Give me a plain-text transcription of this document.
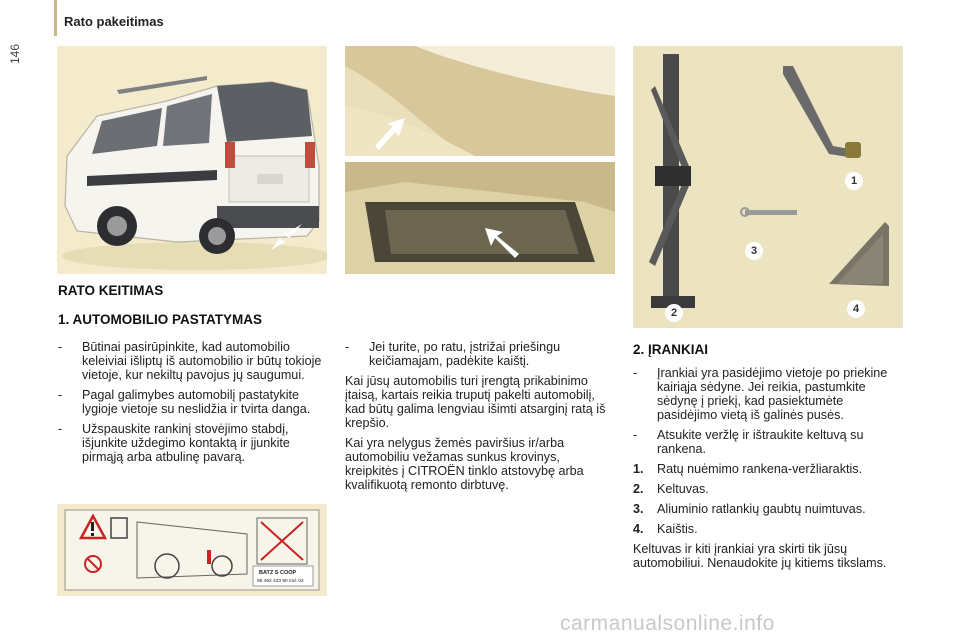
146
Rato pakeitimas
1
2
3
4
RATO KEITIMAS
1. AUTOMOBILIO PASTATYMAS
- Būtinai pasirūpinkite, kad automobilio keleiviai išliptų iš automobilio ir būtų tokioje vietoje, kur nekiltų pavojus jų saugumui.
- Pagal galimybes automobilį pastatykite lygioje vietoje su neslidžia ir tvirta danga.
- Užspauskite rankinį stovėjimo stabdį, išjunkite uždegimo kontaktą ir įjunkite pirmąją arba atbulinę pavarą.
- Jei turite, po ratu, įstrižai priešingu keičiamajam, padėkite kaištį.

Kai jūsų automobilis turi įrengtą prikabinimo įtaisą, kartais reikia truputį pakelti automobilį, kad būtų galima lengviau išimti atsarginį ratą iš krepšio.

Kai yra nelygus žemės paviršius ir/arba automobiliu vežamas sunkus krovinys, kreipkitės į CITROËN tinklo atstovybę arba kvalifikuotą remonto dirbtuvę.

2. ĮRANKIAI
- Įrankiai yra pasidėjimo vietoje po priekine kairiąja sėdyne. Jei reikia, pastumkite sėdynę į priekį, kad pasiektumėte pasidėjimo vietą iš galinės pusės.
- Atsukite veržlę ir ištraukite keltuvą su rankena.
1. Ratų nuėmimo rankena-veržliaraktis.
2. Keltuvas.
3. Aliuminio ratlankių gaubtų nuimtuvas.
4. Kaištis.

Keltuvas ir kiti įrankiai yra skirti tik jūsų automobiliui. Nenaudokite jų kitiems tikslams.

BATZ S COOP
96 492 433 80 Ind. 02
carmanualsonline.info
